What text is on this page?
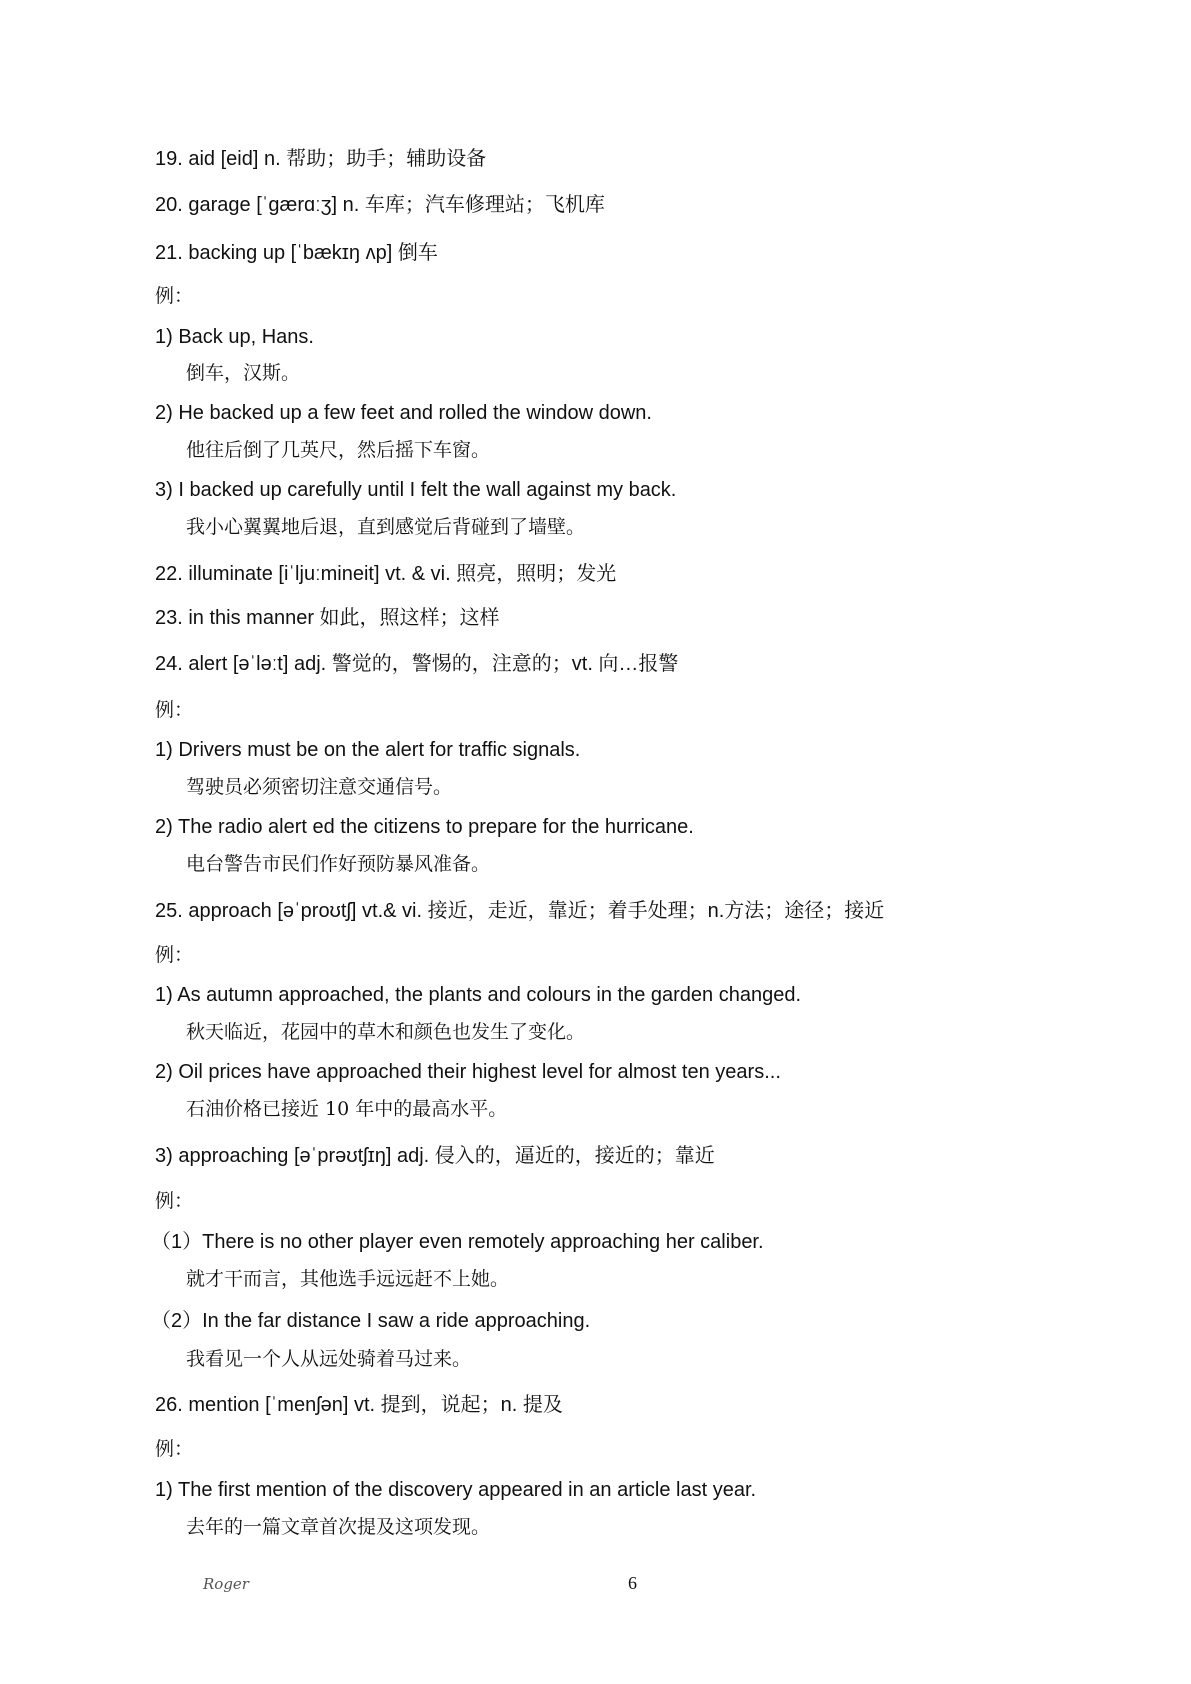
19. aid [eid] n. 帮助；助手；辅助设备
20. garage [ˈɡærɑːʒ] n. 车库；汽车修理站；飞机库
21. backing up [ˈbækɪŋ ʌp] 倒车
例：
1) Back up, Hans.
倒车，汉斯。
2) He backed up a few feet and rolled the window down.
他往后倒了几英尺，然后摇下车窗。
3) I backed up carefully until I felt the wall against my back.
我小心翼翼地后退，直到感觉后背碰到了墙壁。
22. illuminate [iˈljuːmineit] vt. & vi. 照亮，照明；发光
23. in this manner 如此，照这样；这样
24. alert [əˈləːt] adj. 警觉的，警惕的，注意的；vt. 向…报警
例：
1) Drivers must be on the alert for traffic signals.
驾驶员必须密切注意交通信号。
2) The radio alert ed the citizens to prepare for the hurricane.
电台警告市民们作好预防暴风准备。
25. approach [əˈproʊtʃ] vt.& vi. 接近，走近，靠近；着手处理；n.方法；途径；接近
例：
1) As autumn approached, the plants and colours in the garden changed.
秋天临近，花园中的草木和颜色也发生了变化。
2) Oil prices have approached their highest level for almost ten years...
石油价格已接近 10 年中的最高水平。
3) approaching [əˈprəʊtʃɪŋ] adj. 侵入的，逼近的，接近的；靠近
例：
（1）There is no other player even remotely approaching her caliber.
就才干而言，其他选手远远赶不上她。
（2）In the far distance I saw a ride approaching.
我看见一个人从远处骑着马过来。
26. mention [ˈmenʃən] vt. 提到，说起；n. 提及
例：
1) The first mention of the discovery appeared in an article last year.
去年的一篇文章首次提及这项发现。
Roger	6
